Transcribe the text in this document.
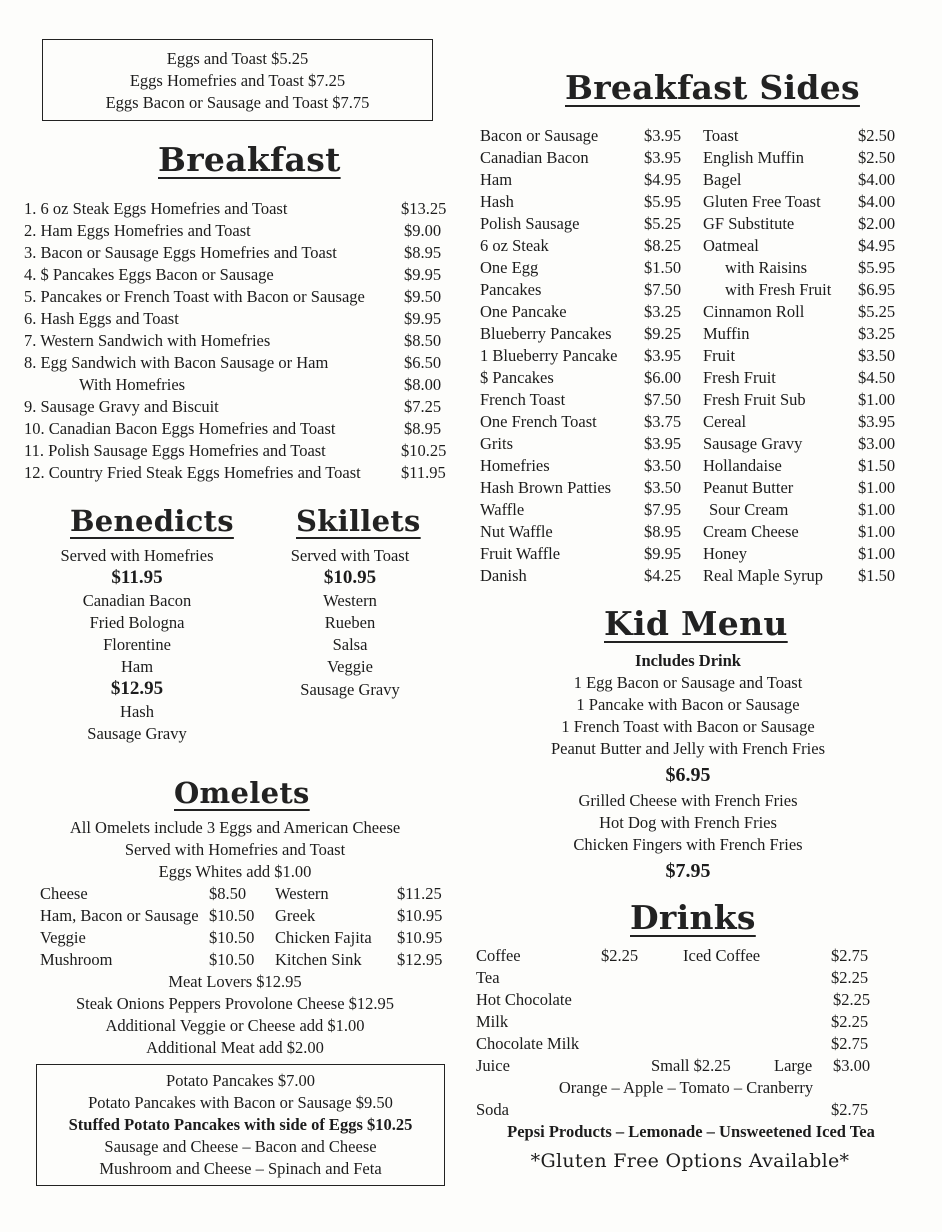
Eggs and Toast $5.25
Eggs Homefries and Toast $7.25
Eggs Bacon or Sausage and Toast $7.75
Breakfast
1. 6 oz Steak Eggs Homefries and Toast	$13.25
2. Ham Eggs Homefries and Toast	$9.00
3. Bacon or Sausage Eggs Homefries and Toast	$8.95
4. $ Pancakes Eggs Bacon or Sausage	$9.95
5. Pancakes or French Toast with Bacon or Sausage $9.50
6. Hash Eggs and Toast	$9.95
7. Western Sandwich with Homefries	$8.50
8. Egg Sandwich with Bacon Sausage or Ham	$6.50
With Homefries	$8.00
9. Sausage Gravy and Biscuit	$7.25
10. Canadian Bacon Eggs Homefries and Toast	$8.95
11. Polish Sausage Eggs Homefries and Toast	$10.25
12. Country Fried Steak Eggs Homefries and Toast $11.95
Benedicts
Served with Homefries
$11.95
Canadian Bacon
Fried Bologna
Florentine
Ham
$12.95
Hash
Sausage Gravy
Skillets
Served with Toast
$10.95
Western
Rueben
Salsa
Veggie
Sausage Gravy
Omelets
All Omelets include 3 Eggs and American Cheese
Served with Homefries and Toast
Eggs Whites add $1.00
Cheese	$8.50 Western	$11.25
Ham, Bacon or Sausage $10.50 Greek	$10.95
Veggie	$10.50 Chicken Fajita $10.95
Mushroom	$10.50 Kitchen Sink $12.95
Meat Lovers $12.95
Steak Onions Peppers Provolone Cheese $12.95
Additional Veggie or Cheese add $1.00
Additional Meat add $2.00
Potato Pancakes $7.00
Potato Pancakes with Bacon or Sausage $9.50
Stuffed Potato Pancakes with side of Eggs $10.25
Sausage and Cheese – Bacon and Cheese
Mushroom and Cheese – Spinach and Feta
Breakfast Sides
Bacon or Sausage	$3.95 Toast	$2.50
Canadian Bacon	$3.95 English Muffin	$2.50
Ham	$4.95 Bagel	$4.00
Hash	$5.95 Gluten Free Toast $4.00
Polish Sausage	$5.25 GF Substitute	$2.00
6 oz Steak	$8.25 Oatmeal	$4.95
One Egg	$1.50	with Raisins	$5.95
Pancakes	$7.50	with Fresh Fruit $6.95
One Pancake	$3.25 Cinnamon Roll	$5.25
Blueberry Pancakes $9.25 Muffin	$3.25
1 Blueberry Pancake $3.95 Fruit	$3.50
$ Pancakes	$6.00 Fresh Fruit	$4.50
French Toast	$7.50 Fresh Fruit Sub	$1.00
One French Toast	$3.75 Cereal	$3.95
Grits	$3.95 Sausage Gravy	$3.00
Homefries	$3.50 Hollandaise	$1.50
Hash Brown Patties $3.50 Peanut Butter	$1.00
Waffle	$7.95 Sour Cream	$1.00
Nut Waffle	$8.95 Cream Cheese	$1.00
Fruit Waffle	$9.95 Honey	$1.00
Danish	$4.25 Real Maple Syrup $1.50
Kid Menu
Includes Drink
1 Egg Bacon or Sausage and Toast
1 Pancake with Bacon or Sausage
1 French Toast with Bacon or Sausage
Peanut Butter and Jelly with French Fries
$6.95
Grilled Cheese with French Fries
Hot Dog with French Fries
Chicken Fingers with French Fries
$7.95
Drinks
Coffee	$2.25	Iced Coffee	$2.75
Tea	$2.25
Hot Chocolate	$2.25
Milk	$2.25
Chocolate Milk	$2.75
Juice	Small $2.25	Large $3.00
Orange – Apple – Tomato – Cranberry
Soda	$2.75
Pepsi Products – Lemonade – Unsweetened Iced Tea
*Gluten Free Options Available*
